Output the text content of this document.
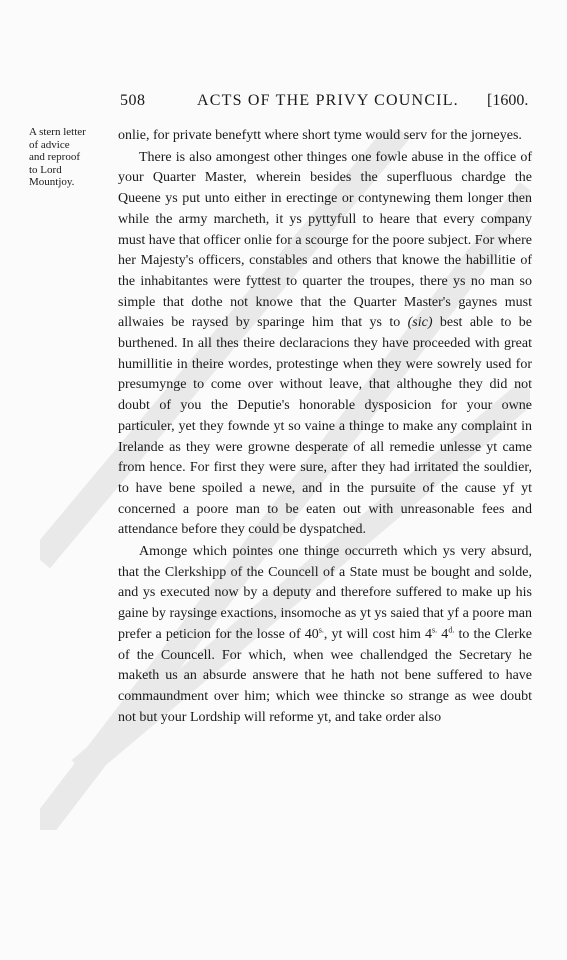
508	ACTS OF THE PRIVY COUNCIL. [1600.
A stern letter
of advice
and reproof
to Lord
Mountjoy.

onlie, for private benefytt where short tyme would serv for the jorneyes.

There is also amongest other thinges one fowle abuse in the office of your Quarter Master, wherein besides the superfluous chardge the Queene ys put unto either in erectinge or contynewing them longer then while the army marcheth, it ys pyttyfull to heare that every company must have that officer onlie for a scourge for the poore subject. For where her Majesty's officers, constables and others that knowe the habillitie of the inhabitantes were fyttest to quarter the troupes, there ys no man so simple that dothe not knowe that the Quarter Master's gaynes must allwaies be raysed by sparinge him that ys to (sic) best able to be burthened. In all thes theire declaracions they have proceeded with great humillitie in theire wordes, protestinge when they were sowrely used for presumynge to come over without leave, that althoughe they did not doubt of you the Deputie's honorable dysposicion for your owne particuler, yet they fownde yt so vaine a thinge to make any complaint in Irelande as they were growne desperate of all remedie unlesse yt came from hence. For first they were sure, after they had irritated the souldier, to have bene spoiled a newe, and in the pursuite of the cause yf yt concerned a poore man to be eaten out with unreasonable fees and attendance before they could be dyspatched.

Amonge which pointes one thinge occurreth which ys very absurd, that the Clerkshipp of the Councell of a State must be bought and solde, and ys executed now by a deputy and therefore suffered to make up his gaine by raysinge exactions, insomoche as yt ys saied that yf a poore man prefer a peticion for the losse of $40^{s.}$, yt will cost him $4^{s.}$ $4^{d.}$ to the Clerke of the Councell. For which, when wee challendged the Secretary he maketh us an absurde answere that he hath not bene suffered to have commaundment over him; which wee thincke so strange as wee doubt not but your Lordship will reforme yt, and take order also
